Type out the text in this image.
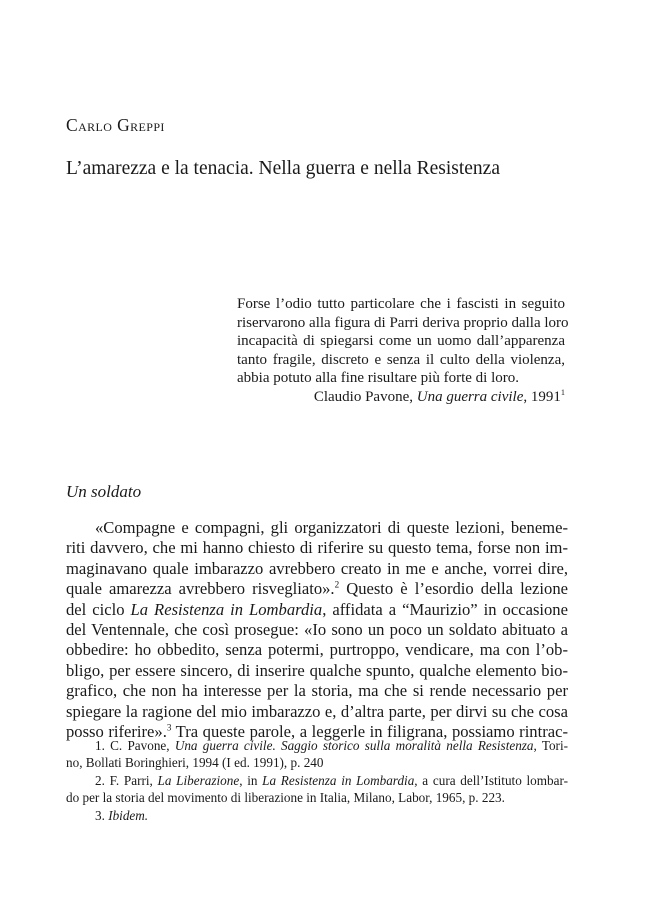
Carlo Greppi
L’amarezza e la tenacia. Nella guerra e nella Resistenza
Forse l’odio tutto particolare che i fascisti in seguito
riservarono alla figura di Parri deriva proprio dalla loro
incapacità di spiegarsi come un uomo dall’apparenza
tanto fragile, discreto e senza il culto della violenza,
abbia potuto alla fine risultare più forte di loro.
Claudio Pavone, Una guerra civile, 1991$^1$
Un soldato
«Compagne e compagni, gli organizzatori di queste lezioni, beneme-
riti davvero, che mi hanno chiesto di riferire su questo tema, forse non im-
maginavano quale imbarazzo avrebbero creato in me e anche, vorrei dire,
quale amarezza avrebbero risvegliato».$^2$ Questo è l’esordio della lezione
del ciclo La Resistenza in Lombardia, affidata a “Maurizio” in occasione
del Ventennale, che così prosegue: «Io sono un poco un soldato abituato a
obbedire: ho obbedito, senza potermi, purtroppo, vendicare, ma con l’ob-
bligo, per essere sincero, di inserire qualche spunto, qualche elemento bio-
grafico, che non ha interesse per la storia, ma che si rende necessario per
spiegare la ragione del mio imbarazzo e, d’altra parte, per dirvi su che cosa
posso riferire».$^3$ Tra queste parole, a leggerle in filigrana, possiamo rintrac-
1. C. Pavone, Una guerra civile. Saggio storico sulla moralità nella Resistenza, Tori-
no, Bollati Boringhieri, 1994 (I ed. 1991), p. 240
2. F. Parri, La Liberazione, in La Resistenza in Lombardia, a cura dell’Istituto lombar-
do per la storia del movimento di liberazione in Italia, Milano, Labor, 1965, p. 223.
3. Ibidem.
